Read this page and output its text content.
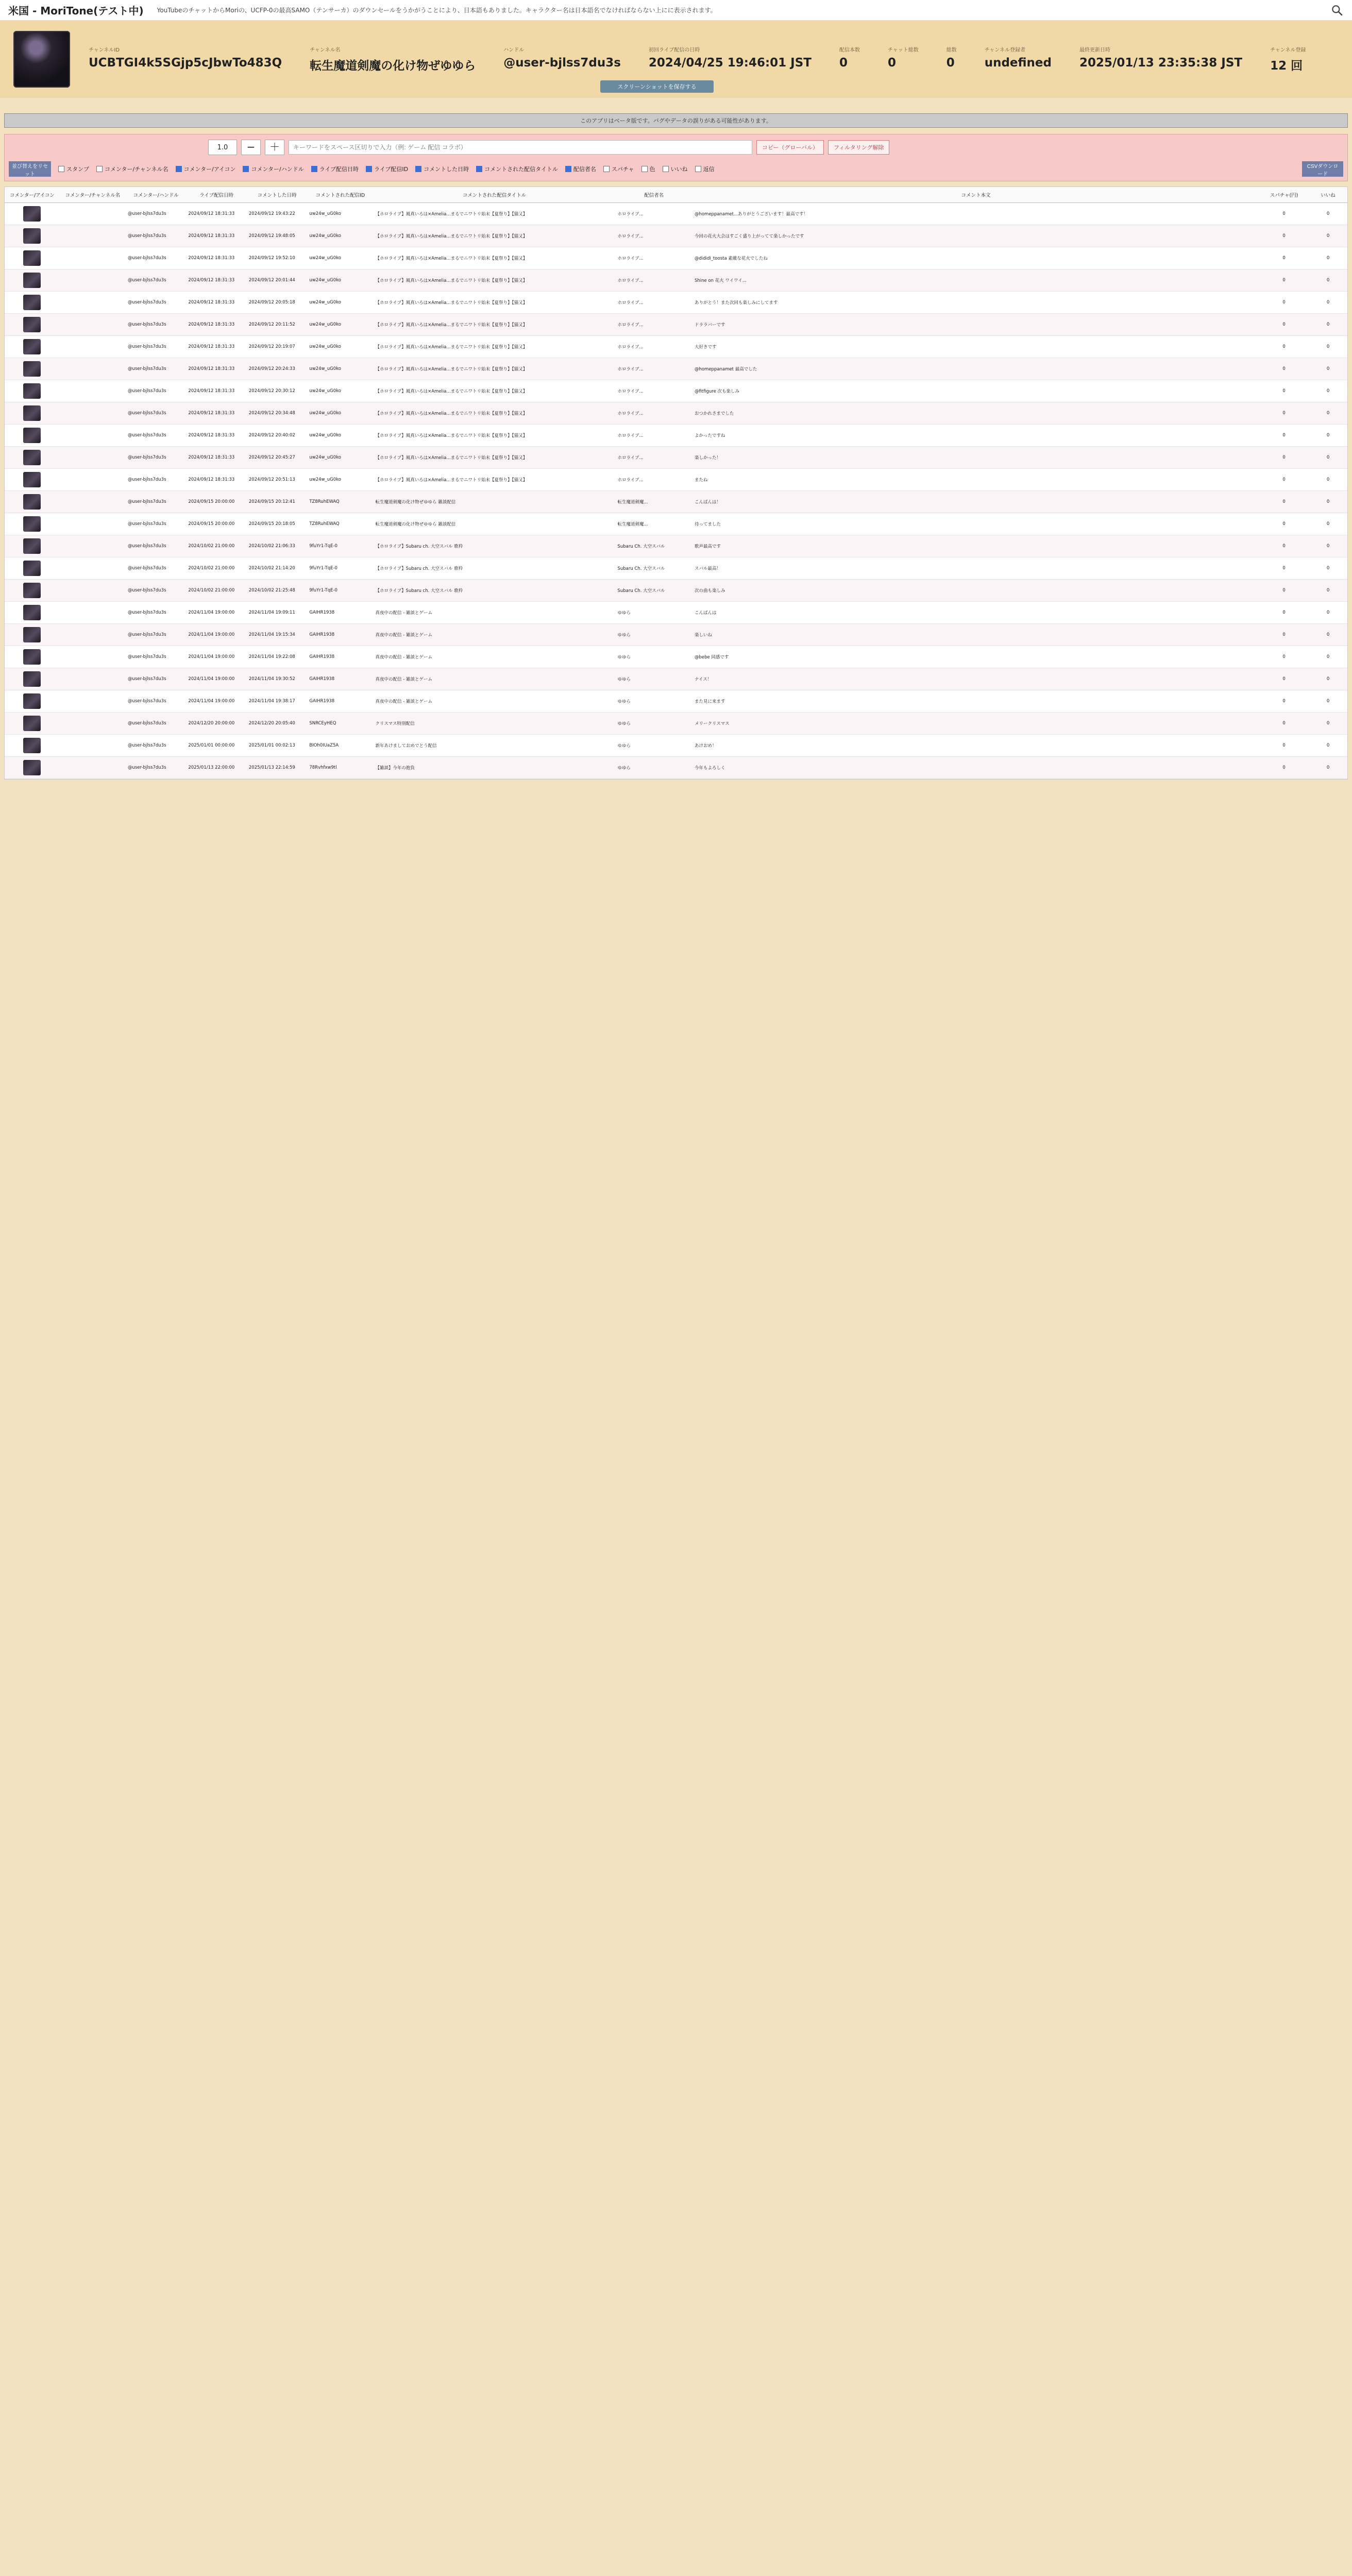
米国 - MoriTone(テスト中) YouTubeのチャットからMoriの、UCFP-0の最高SAMO（テンサーカ）のダウンセールをうかがうことにより、日本語もありました。キャラクター名は日本語名でなければならない上にに表示されます。
チャンネルID
UCBTGI4k5SGjp5cJbwTo483Q
チャンネル名
転生魔道剣魔の化け物ぜゆゆら
ハンドル
@user-bjlss7du3s
初回ライブ配信の日時
2024/04/25 19:46:01 JST
配信本数
0
チャット総数
0
総数
0
チャンネル登録者
undefined
最終更新日時
2025/01/13 23:35:38 JST
チャンネル登録
12 回
スクリーンショットを保存する
このアプリはベータ版です。バグやデータの誤りがある可能性があります。
1.0	−	＋
キーワードをスペース区切りで入力（例: ゲーム 配信 コラボ）	コピー（グローバル）	フィルタリング解除
並び替えをリセット
スタンプ	コメンター/チャンネル名	コメンター/アイコン	コメンター/ハンドル	ライブ配信日時	ライブ配信ID	コメントした日時	コメントされた配信タイトル	配信者名	スパチャ	色	いいね	返信	CSVダウンロード
コメンター/アイコン	コメンター/チャンネル名	コメンター/ハンドル	ライブ配信日時	コメントした日時	コメントされた配信ID	コメントされた配信タイトル	配信者名	コメント本文	スパチャ(円)	いいね

		@user-bjlss7du3s	2024/09/12 18:31:33	2024/09/12 19:43:22	uw24w_uG0ko	【ホロライブ】風真いろは×Amelia...まるでニワトリ始末【夏祭り】【猫又】	ホロライブ...	@homeppanamet...ありがとうございます！最高です！	0	0

		@user-bjlss7du3s	2024/09/12 18:31:33	2024/09/12 19:48:05	uw24w_uG0ko	【ホロライブ】風真いろは×Amelia...まるでニワトリ始末【夏祭り】【猫又】	ホロライブ...	今回の花火大会はすごく盛り上がってて楽しかったです	0	0

		@user-bjlss7du3s	2024/09/12 18:31:33	2024/09/12 19:52:10	uw24w_uG0ko	【ホロライブ】風真いろは×Amelia...まるでニワトリ始末【夏祭り】【猫又】	ホロライブ...	@dididi_toosta 素敵な花火でしたね	0	0

		@user-bjlss7du3s	2024/09/12 18:31:33	2024/09/12 20:01:44	uw24w_uG0ko	【ホロライブ】風真いろは×Amelia...まるでニワトリ始末【夏祭り】【猫又】	ホロライブ...	Shine on 花火 ワイワイ...	0	0

		@user-bjlss7du3s	2024/09/12 18:31:33	2024/09/12 20:05:18	uw24w_uG0ko	【ホロライブ】風真いろは×Amelia...まるでニワトリ始末【夏祭り】【猫又】	ホロライブ...	ありがとう！また次回も楽しみにしてます	0	0

		@user-bjlss7du3s	2024/09/12 18:31:33	2024/09/12 20:11:52	uw24w_uG0ko	【ホロライブ】風真いろは×Amelia...まるでニワトリ始末【夏祭り】【猫又】	ホロライブ...	ドララバーです	0	0

		@user-bjlss7du3s	2024/09/12 18:31:33	2024/09/12 20:19:07	uw24w_uG0ko	【ホロライブ】風真いろは×Amelia...まるでニワトリ始末【夏祭り】【猫又】	ホロライブ...	大好きです	0	0

		@user-bjlss7du3s	2024/09/12 18:31:33	2024/09/12 20:24:33	uw24w_uG0ko	【ホロライブ】風真いろは×Amelia...まるでニワトリ始末【夏祭り】【猫又】	ホロライブ...	@homeppanamet 最高でした	0	0

		@user-bjlss7du3s	2024/09/12 18:31:33	2024/09/12 20:30:12	uw24w_uG0ko	【ホロライブ】風真いろは×Amelia...まるでニワトリ始末【夏祭り】【猫又】	ホロライブ...	@fitfigure 次も楽しみ	0	0

		@user-bjlss7du3s	2024/09/12 18:31:33	2024/09/12 20:34:48	uw24w_uG0ko	【ホロライブ】風真いろは×Amelia...まるでニワトリ始末【夏祭り】【猫又】	ホロライブ...	おつかれさまでした	0	0

		@user-bjlss7du3s	2024/09/12 18:31:33	2024/09/12 20:40:02	uw24w_uG0ko	【ホロライブ】風真いろは×Amelia...まるでニワトリ始末【夏祭り】【猫又】	ホロライブ...	よかったですね	0	0

		@user-bjlss7du3s	2024/09/12 18:31:33	2024/09/12 20:45:27	uw24w_uG0ko	【ホロライブ】風真いろは×Amelia...まるでニワトリ始末【夏祭り】【猫又】	ホロライブ...	楽しかった！	0	0

		@user-bjlss7du3s	2024/09/12 18:31:33	2024/09/12 20:51:13	uw24w_uG0ko	【ホロライブ】風真いろは×Amelia...まるでニワトリ始末【夏祭り】【猫又】	ホロライブ...	またね	0	0

		@user-bjlss7du3s	2024/09/15 20:00:00	2024/09/15 20:12:41	TZ8RuhEWAQ	転生魔道剣魔の化け物ぜゆゆら 雑談配信	転生魔道剣魔...	こんばんは！	0	0

		@user-bjlss7du3s	2024/09/15 20:00:00	2024/09/15 20:18:05	TZ8RuhEWAQ	転生魔道剣魔の化け物ぜゆゆら 雑談配信	転生魔道剣魔...	待ってました	0	0

		@user-bjlss7du3s	2024/10/02 21:00:00	2024/10/02 21:06:33	9fuYr1-TqE-0	【ホロライブ】Subaru ch. 大空スバル 歌枠	Subaru Ch. 大空スバル	歌声最高です	0	0

		@user-bjlss7du3s	2024/10/02 21:00:00	2024/10/02 21:14:20	9fuYr1-TqE-0	【ホロライブ】Subaru ch. 大空スバル 歌枠	Subaru Ch. 大空スバル	スバル最高！	0	0

		@user-bjlss7du3s	2024/10/02 21:00:00	2024/10/02 21:25:48	9fuYr1-TqE-0	【ホロライブ】Subaru ch. 大空スバル 歌枠	Subaru Ch. 大空スバル	次の曲も楽しみ	0	0

		@user-bjlss7du3s	2024/11/04 19:00:00	2024/11/04 19:09:11	GAIHR1938	真夜中の配信 - 雑談とゲーム	ゆゆら	こんばんは	0	0

		@user-bjlss7du3s	2024/11/04 19:00:00	2024/11/04 19:15:34	GAIHR1938	真夜中の配信 - 雑談とゲーム	ゆゆら	楽しいね	0	0

		@user-bjlss7du3s	2024/11/04 19:00:00	2024/11/04 19:22:08	GAIHR1938	真夜中の配信 - 雑談とゲーム	ゆゆら	@bebe 同感です	0	0

		@user-bjlss7du3s	2024/11/04 19:00:00	2024/11/04 19:30:52	GAIHR1938	真夜中の配信 - 雑談とゲーム	ゆゆら	ナイス！	0	0

		@user-bjlss7du3s	2024/11/04 19:00:00	2024/11/04 19:38:17	GAIHR1938	真夜中の配信 - 雑談とゲーム	ゆゆら	また見に来ます	0	0

		@user-bjlss7du3s	2024/12/20 20:00:00	2024/12/20 20:05:40	SNRCEyHEQ	クリスマス特別配信	ゆゆら	メリークリスマス	0	0

		@user-bjlss7du3s	2025/01/01 00:00:00	2025/01/01 00:02:13	BIOh0IUaZ5A	新年あけましておめでとう配信	ゆゆら	あけおめ！	0	0

		@user-bjlss7du3s	2025/01/13 22:00:00	2025/01/13 22:14:59	78Rvhfxw9tl	【雑談】今年の抱負	ゆゆら	今年もよろしく	0	0
